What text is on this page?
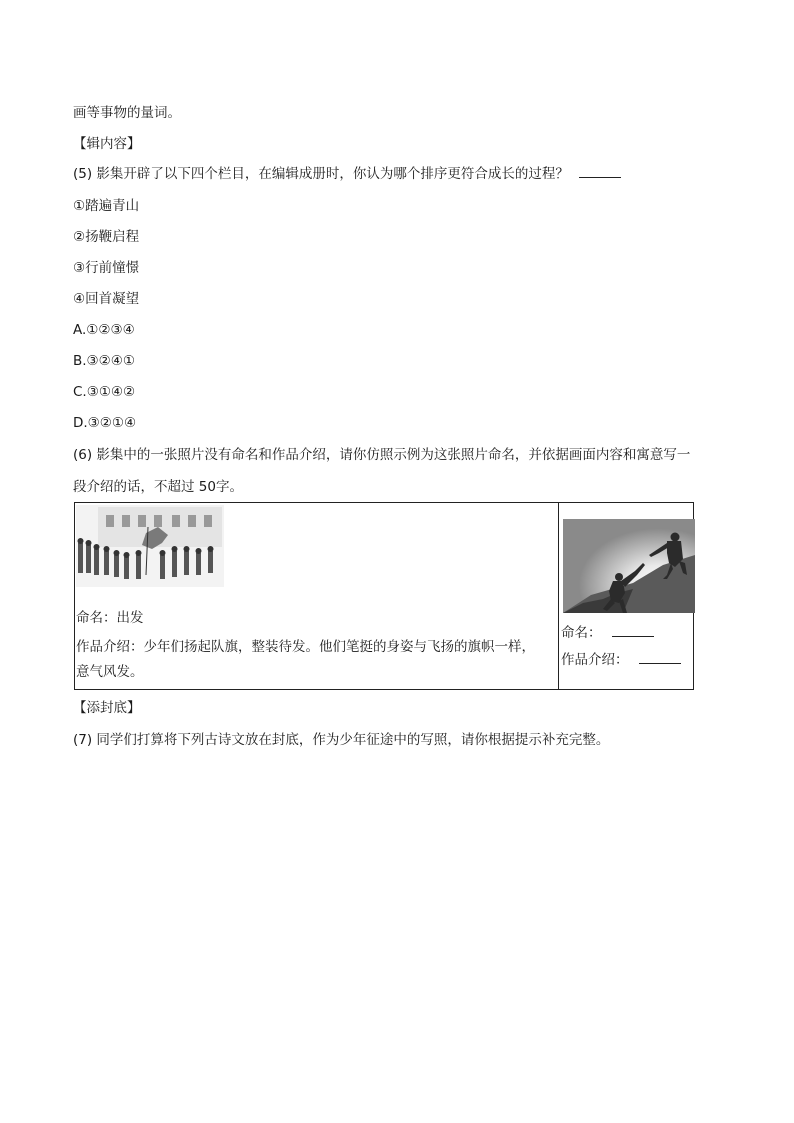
画等事物的量词。
【辑内容】
(5) 影集开辟了以下四个栏目，在编辑成册时，你认为哪个排序更符合成长的过程？
①踏遍青山
②扬鞭启程
③行前憧憬
④回首凝望
A.①②③④
B.③②④①
C.③①④②
D.③②①④
(6) 影集中的一张照片没有命名和作品介绍，请你仿照示例为这张照片命名，并依据画面内容和寓意写一
段介绍的话，不超过 50字。
命名：出发
作品介绍：少年们扬起队旗，整装待发。他们笔挺的身姿与飞扬的旗帜一样，
意气风发。
命名：
作品介绍：
【添封底】
(7) 同学们打算将下列古诗文放在封底，作为少年征途中的写照，请你根据提示补充完整。
